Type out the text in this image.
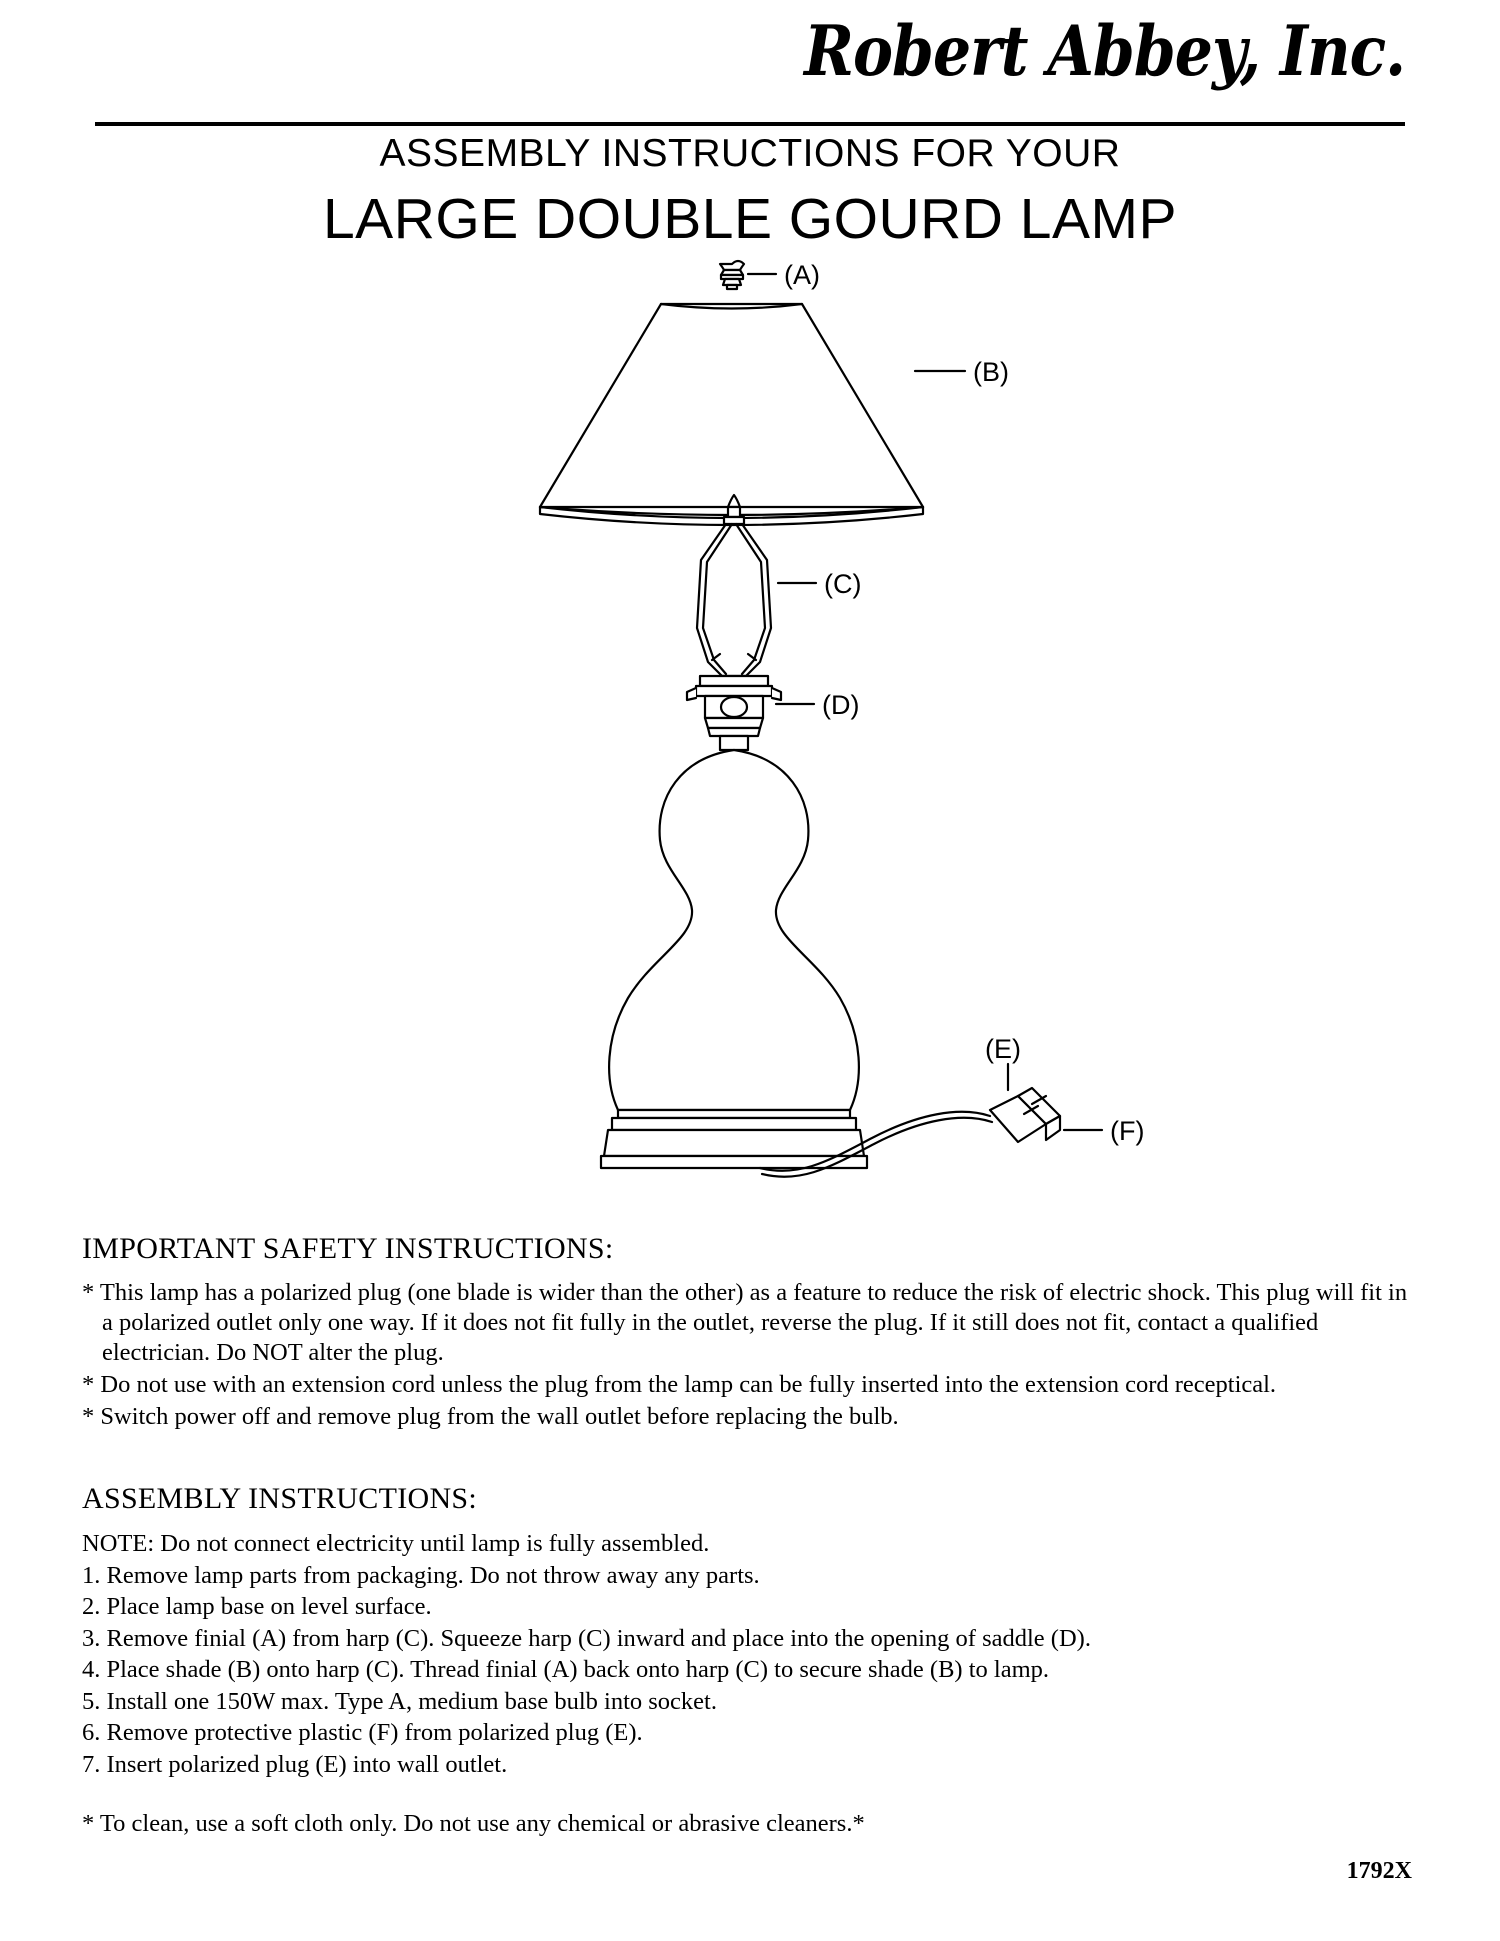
Robert Abbey, Inc.
ASSEMBLY INSTRUCTIONS FOR YOUR
LARGE DOUBLE GOURD LAMP
(A)
(B)
(C)
(D)
(E)
(F)
IMPORTANT SAFETY INSTRUCTIONS:
* This lamp has a polarized plug (one blade is wider than the other) as a feature to reduce the risk of electric shock. This plug will fit in a polarized outlet only one way. If it does not fit fully in the outlet, reverse the plug. If it still does not fit, contact a qualified electrician. Do NOT alter the plug.
* Do not use with an extension cord unless the plug from the lamp can be fully inserted into the extension cord receptical.
* Switch power off and remove plug from the wall outlet before replacing the bulb.
ASSEMBLY INSTRUCTIONS:
NOTE: Do not connect electricity until lamp is fully assembled.
1. Remove lamp parts from packaging. Do not throw away any parts.
2. Place lamp base on level surface.
3. Remove finial (A) from harp (C). Squeeze harp (C) inward and place into the opening of saddle (D).
4. Place shade (B) onto harp (C). Thread finial (A) back onto harp (C) to secure shade (B) to lamp.
5. Install one 150W max. Type A, medium base bulb into socket.
6. Remove protective plastic (F) from polarized plug (E).
7. Insert polarized plug (E) into wall outlet.
* To clean, use a soft cloth only. Do not use any chemical or abrasive cleaners.*
1792X
